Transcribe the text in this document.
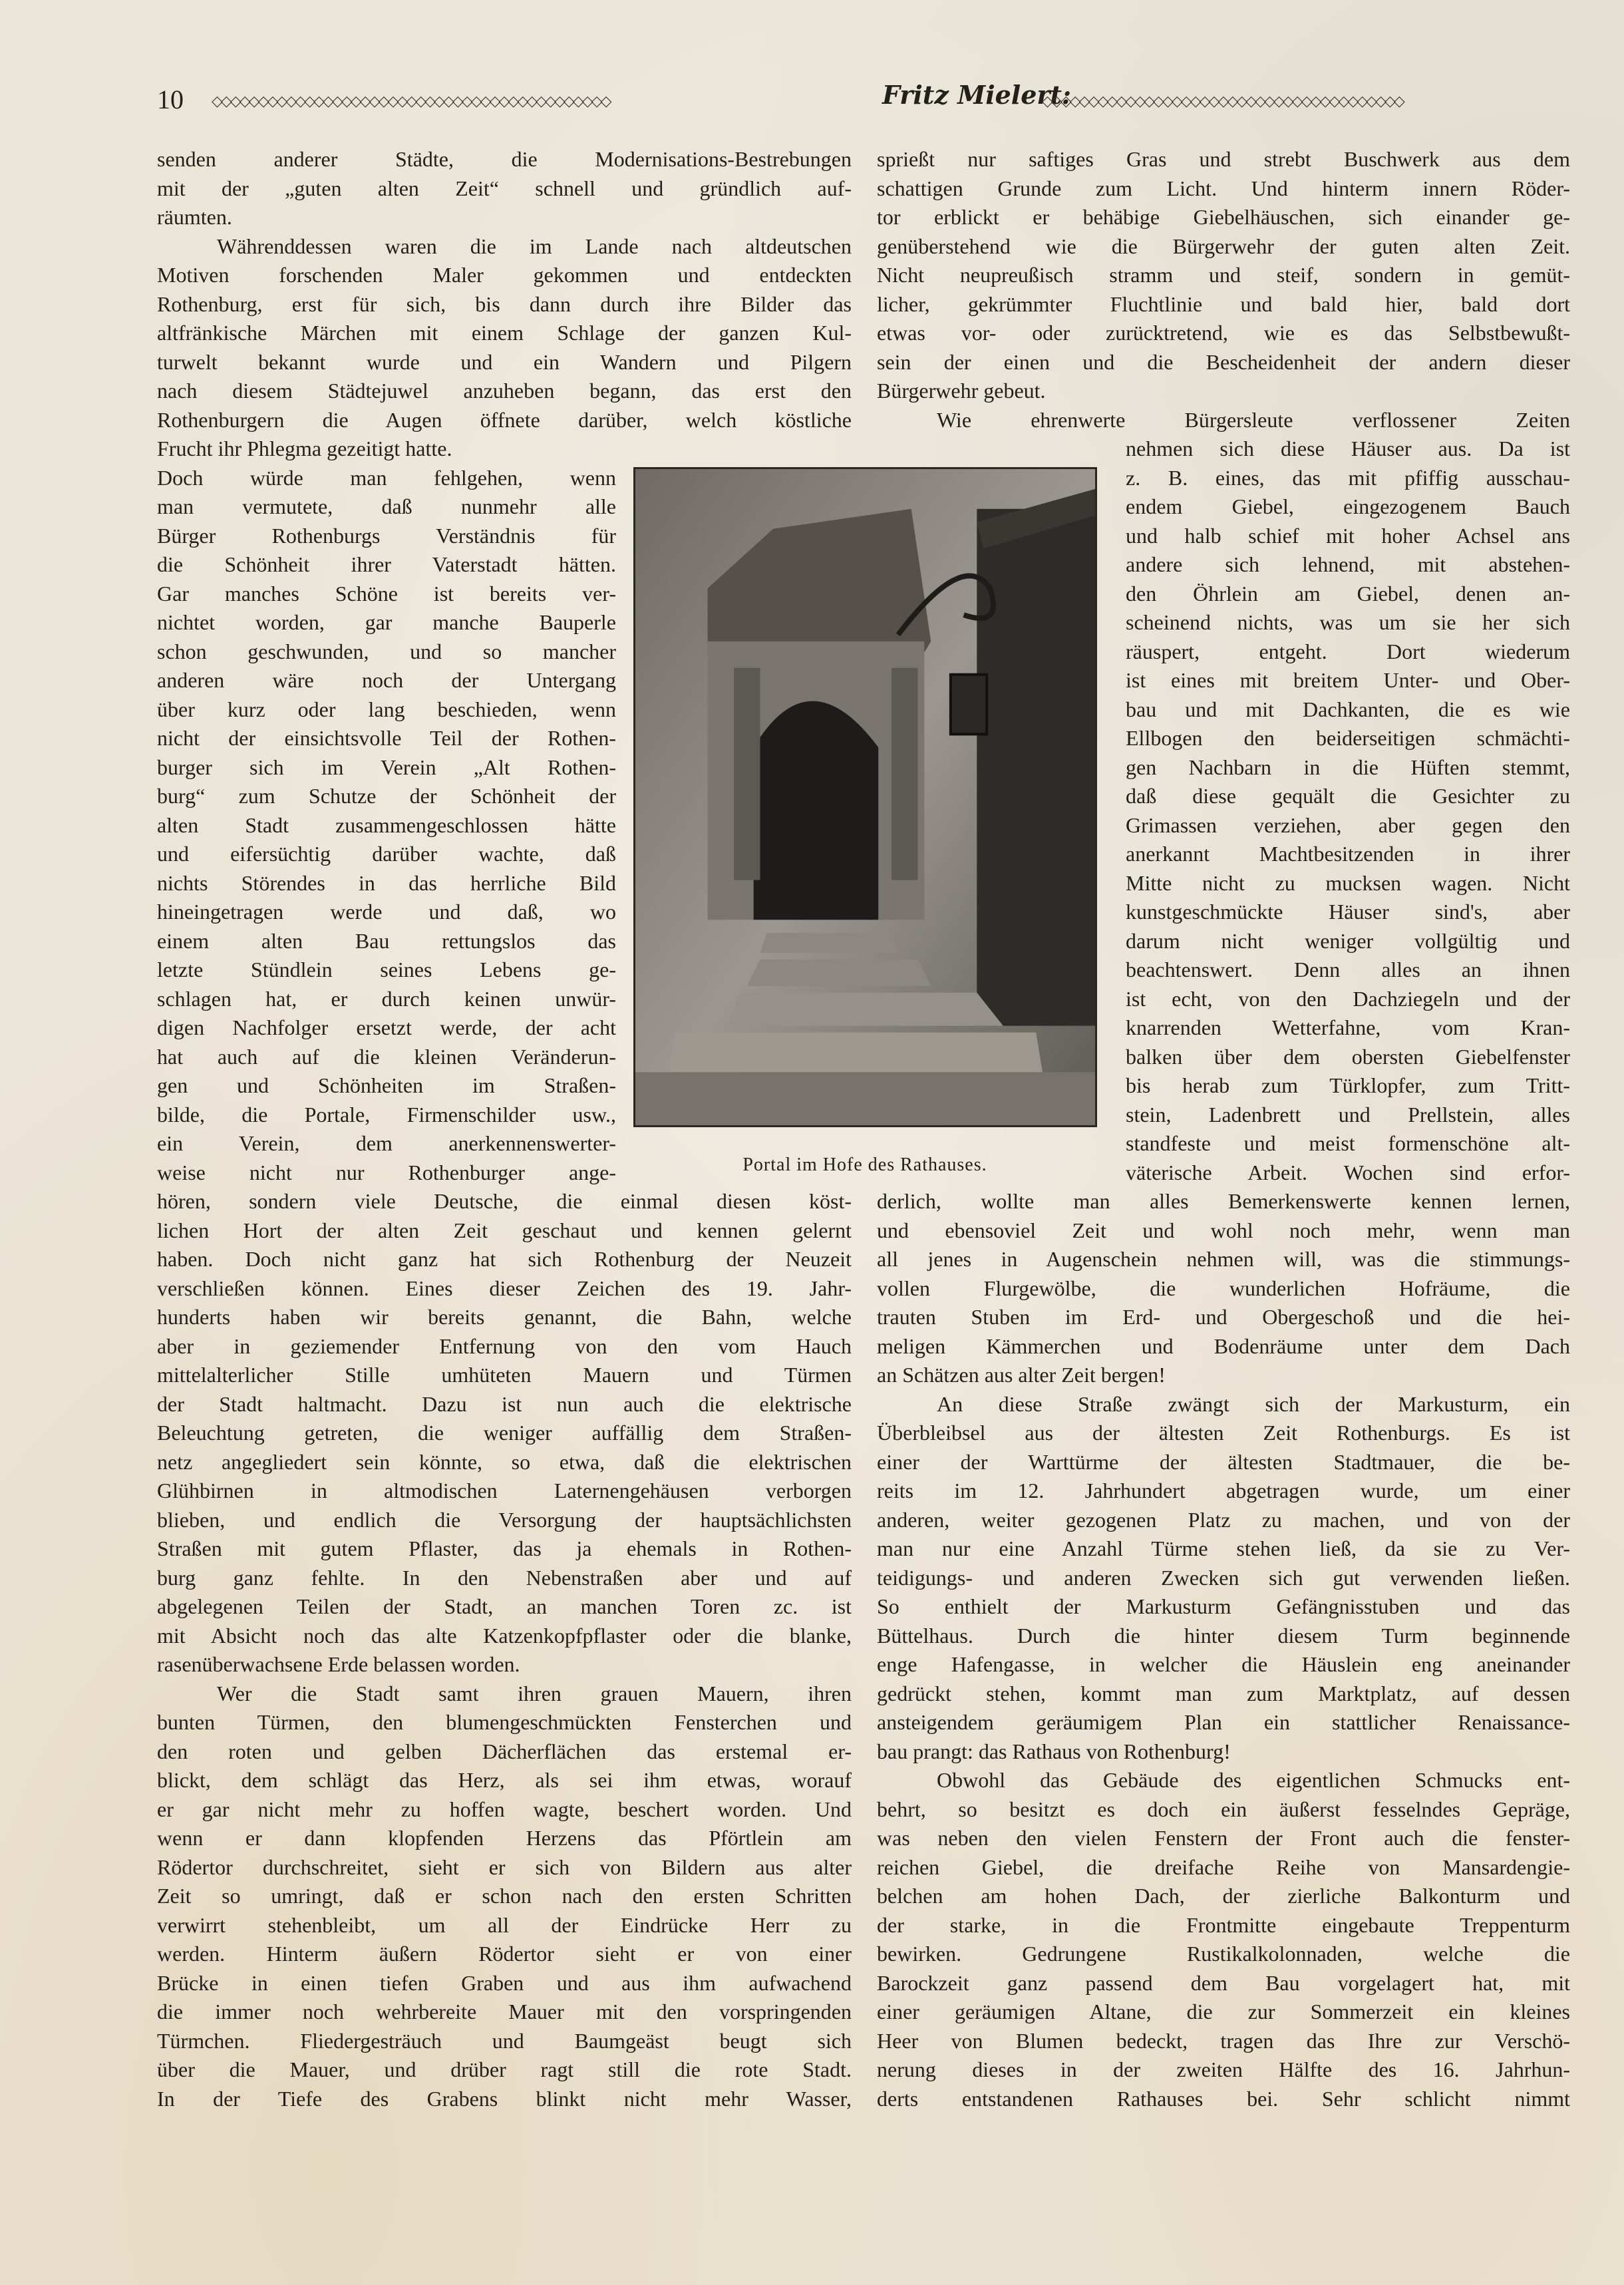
10 ◇◇◇◇◇◇◇◇◇◇◇◇◇◇◇◇◇◇◇◇◇◇◇◇◇◇◇◇◇◇◇◇◇◇◇◇◇◇◇◇◇◇◇	Fritz Mielert:
◇◇◇◇◇◇◇◇◇◇◇◇◇◇◇◇◇◇◇◇◇◇◇◇◇◇◇◇◇◇◇◇◇◇◇◇◇◇◇
senden anderer Städte, die Modernisations-Bestrebungen
mit der „guten alten Zeit“ schnell und gründlich auf-
räumten.
Währenddessen waren die im Lande nach altdeutschen
Motiven forschenden Maler gekommen und entdeckten
Rothenburg, erst für sich, bis dann durch ihre Bilder das
altfränkische Märchen mit einem Schlage der ganzen Kul-
turwelt bekannt wurde und ein Wandern und Pilgern
nach diesem Städtejuwel anzuheben begann, das erst den
Rothenburgern die Augen öffnete darüber, welch köstliche
Frucht ihr Phlegma gezeitigt hatte.
Doch würde man fehlgehen, wenn
man vermutete, daß nunmehr alle
Bürger Rothenburgs Verständnis für
die Schönheit ihrer Vaterstadt hätten.
Gar manches Schöne ist bereits ver-
nichtet worden, gar manche Bauperle
schon geschwunden, und so mancher
anderen wäre noch der Untergang
über kurz oder lang beschieden, wenn
nicht der einsichtsvolle Teil der Rothen-
burger sich im Verein „Alt Rothen-
burg“ zum Schutze der Schönheit der
alten Stadt zusammengeschlossen hätte
und eifersüchtig darüber wachte, daß
nichts Störendes in das herrliche Bild
hineingetragen werde und daß, wo
einem alten Bau rettungslos das
letzte Stündlein seines Lebens ge-
schlagen hat, er durch keinen unwür-
digen Nachfolger ersetzt werde, der acht
hat auch auf die kleinen Veränderun-
gen und Schönheiten im Straßen-
bilde, die Portale, Firmenschilder usw.,
ein Verein, dem anerkennenswerter-
weise nicht nur Rothenburger ange-
hören, sondern viele Deutsche, die einmal diesen köst-
lichen Hort der alten Zeit geschaut und kennen gelernt
haben. Doch nicht ganz hat sich Rothenburg der Neuzeit
verschließen können. Eines dieser Zeichen des 19. Jahr-
hunderts haben wir bereits genannt, die Bahn, welche
aber in geziemender Entfernung von den vom Hauch
mittelalterlicher Stille umhüteten Mauern und Türmen
der Stadt haltmacht. Dazu ist nun auch die elektrische
Beleuchtung getreten, die weniger auffällig dem Straßen-
netz angegliedert sein könnte, so etwa, daß die elektrischen
Glühbirnen in altmodischen Laternengehäusen verborgen
blieben, und endlich die Versorgung der hauptsächlichsten
Straßen mit gutem Pflaster, das ja ehemals in Rothen-
burg ganz fehlte. In den Nebenstraßen aber und auf
abgelegenen Teilen der Stadt, an manchen Toren zc. ist
mit Absicht noch das alte Katzenkopfpflaster oder die blanke,
rasenüberwachsene Erde belassen worden.
Wer die Stadt samt ihren grauen Mauern, ihren
bunten Türmen, den blumengeschmückten Fensterchen und
den roten und gelben Dächerflächen das erstemal er-
blickt, dem schlägt das Herz, als sei ihm etwas, worauf
er gar nicht mehr zu hoffen wagte, beschert worden. Und
wenn er dann klopfenden Herzens das Pförtlein am
Rödertor durchschreitet, sieht er sich von Bildern aus alter
Zeit so umringt, daß er schon nach den ersten Schritten
verwirrt stehenbleibt, um all der Eindrücke Herr zu
werden. Hinterm äußern Rödertor sieht er von einer
Brücke in einen tiefen Graben und aus ihm aufwachend
die immer noch wehrbereite Mauer mit den vorspringenden
Türmchen. Fliedergesträuch und Baumgeäst beugt sich
über die Mauer, und drüber ragt still die rote Stadt.
In der Tiefe des Grabens blinkt nicht mehr Wasser,
sprießt nur saftiges Gras und strebt Buschwerk aus dem
schattigen Grunde zum Licht. Und hinterm innern Röder-
tor erblickt er behäbige Giebelhäuschen, sich einander ge-
genüberstehend wie die Bürgerwehr der guten alten Zeit.
Nicht neupreußisch stramm und steif, sondern in gemüt-
licher, gekrümmter Fluchtlinie und bald hier, bald dort
etwas vor- oder zurücktretend, wie es das Selbstbewußt-
sein der einen und die Bescheidenheit der andern dieser
Bürgerwehr gebeut.
Wie ehrenwerte Bürgersleute verflossener Zeiten
nehmen sich diese Häuser aus. Da ist
z. B. eines, das mit pfiffig ausschau-
endem Giebel, eingezogenem Bauch
und halb schief mit hoher Achsel ans
andere sich lehnend, mit abstehen-
den Öhrlein am Giebel, denen an-
scheinend nichts, was um sie her sich
räuspert, entgeht. Dort wiederum
ist eines mit breitem Unter- und Ober-
bau und mit Dachkanten, die es wie
Ellbogen den beiderseitigen schmächti-
gen Nachbarn in die Hüften stemmt,
daß diese gequält die Gesichter zu
Grimassen verziehen, aber gegen den
anerkannt Machtbesitzenden in ihrer
Mitte nicht zu mucksen wagen. Nicht
kunstgeschmückte Häuser sind's, aber
darum nicht weniger vollgültig und
beachtenswert. Denn alles an ihnen
ist echt, von den Dachziegeln und der
knarrenden Wetterfahne, vom Kran-
balken über dem obersten Giebelfenster
bis herab zum Türklopfer, zum Tritt-
stein, Ladenbrett und Prellstein, alles
standfeste und meist formenschöne alt-
väterische Arbeit. Wochen sind erfor-
derlich, wollte man alles Bemerkenswerte kennen lernen,
und ebensoviel Zeit und wohl noch mehr, wenn man
all jenes in Augenschein nehmen will, was die stimmungs-
vollen Flurgewölbe, die wunderlichen Hofräume, die
trauten Stuben im Erd- und Obergeschoß und die hei-
meligen Kämmerchen und Bodenräume unter dem Dach
an Schätzen aus alter Zeit bergen!
An diese Straße zwängt sich der Markusturm, ein
Überbleibsel aus der ältesten Zeit Rothenburgs. Es ist
einer der Warttürme der ältesten Stadtmauer, die be-
reits im 12. Jahrhundert abgetragen wurde, um einer
anderen, weiter gezogenen Platz zu machen, und von der
man nur eine Anzahl Türme stehen ließ, da sie zu Ver-
teidigungs- und anderen Zwecken sich gut verwenden ließen.
So enthielt der Markusturm Gefängnisstuben und das
Büttelhaus. Durch die hinter diesem Turm beginnende
enge Hafengasse, in welcher die Häuslein eng aneinander
gedrückt stehen, kommt man zum Marktplatz, auf dessen
ansteigendem geräumigem Plan ein stattlicher Renaissance-
bau prangt: das Rathaus von Rothenburg!
Obwohl das Gebäude des eigentlichen Schmucks ent-
behrt, so besitzt es doch ein äußerst fesselndes Gepräge,
was neben den vielen Fenstern der Front auch die fenster-
reichen Giebel, die dreifache Reihe von Mansardengie-
belchen am hohen Dach, der zierliche Balkonturm und
der starke, in die Frontmitte eingebaute Treppenturm
bewirken. Gedrungene Rustikalkolonnaden, welche die
Barockzeit ganz passend dem Bau vorgelagert hat, mit
einer geräumigen Altane, die zur Sommerzeit ein kleines
Heer von Blumen bedeckt, tragen das Ihre zur Verschö-
nerung dieses in der zweiten Hälfte des 16. Jahrhun-
derts entstandenen Rathauses bei. Sehr schlicht nimmt
Portal im Hofe des Rathauses.
